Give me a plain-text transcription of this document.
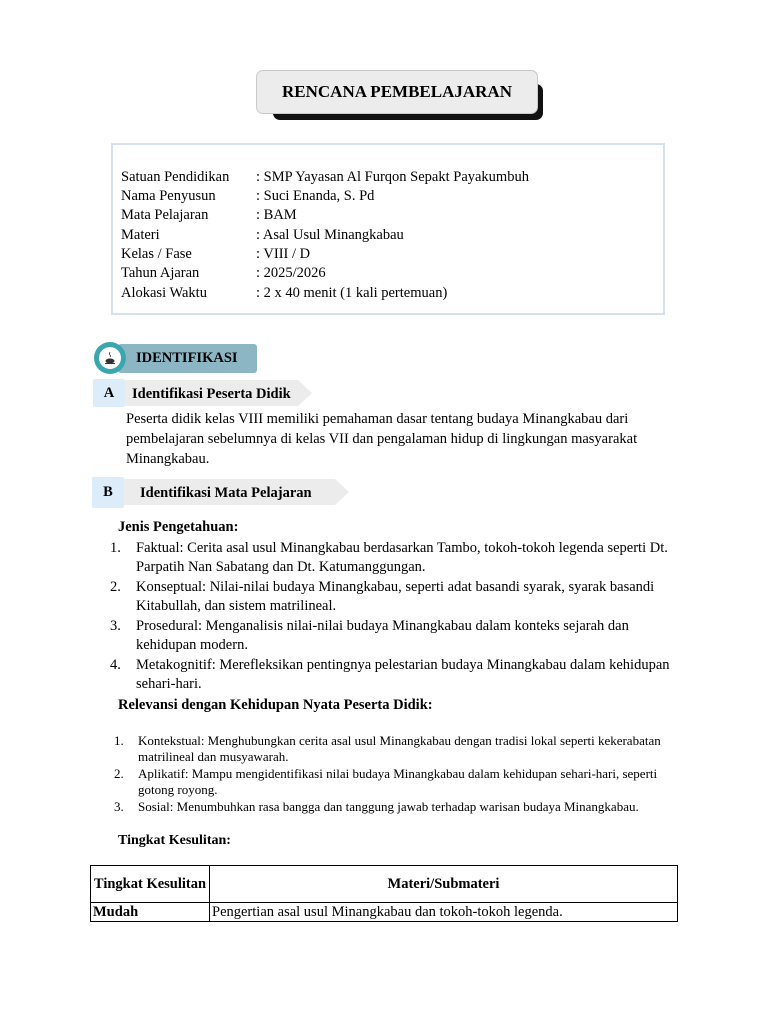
RENCANA PEMBELAJARAN
Satuan Pendidikan : SMP Yayasan Al Furqon Sepakt Payakumbuh
Nama Penyusun	: Suci Enanda, S. Pd
Mata Pelajaran	: BAM
Materi	: Asal Usul Minangkabau
Kelas / Fase	: VIII / D
Tahun Ajaran	: 2025/2026
Alokasi Waktu	: 2 x 40 menit (1 kali pertemuan)
IDENTIFIKASI
A	Identifikasi Peserta Didik
Peserta didik kelas VIII memiliki pemahaman dasar tentang budaya Minangkabau dari pembelajaran sebelumnya di kelas VII dan pengalaman hidup di lingkungan masyarakat Minangkabau.
B	Identifikasi Mata Pelajaran
Jenis Pengetahuan:
1. Faktual: Cerita asal usul Minangkabau berdasarkan Tambo, tokoh-tokoh legenda seperti Dt. Parpatih Nan Sabatang dan Dt. Katumanggungan.
2. Konseptual: Nilai-nilai budaya Minangkabau, seperti adat basandi syarak, syarak basandi Kitabullah, dan sistem matrilineal.
3. Prosedural: Menganalisis nilai-nilai budaya Minangkabau dalam konteks sejarah dan kehidupan modern.
4. Metakognitif: Merefleksikan pentingnya pelestarian budaya Minangkabau dalam kehidupan sehari-hari.
Relevansi dengan Kehidupan Nyata Peserta Didik:
1. Kontekstual: Menghubungkan cerita asal usul Minangkabau dengan tradisi lokal seperti kekerabatan matrilineal dan musyawarah.
2. Aplikatif: Mampu mengidentifikasi nilai budaya Minangkabau dalam kehidupan sehari-hari, seperti gotong royong.
3. Sosial: Menumbuhkan rasa bangga dan tanggung jawab terhadap warisan budaya Minangkabau.
Tingkat Kesulitan:
Tingkat Kesulitan	Materi/Submateri
Mudah	Pengertian asal usul Minangkabau dan tokoh-tokoh legenda.
